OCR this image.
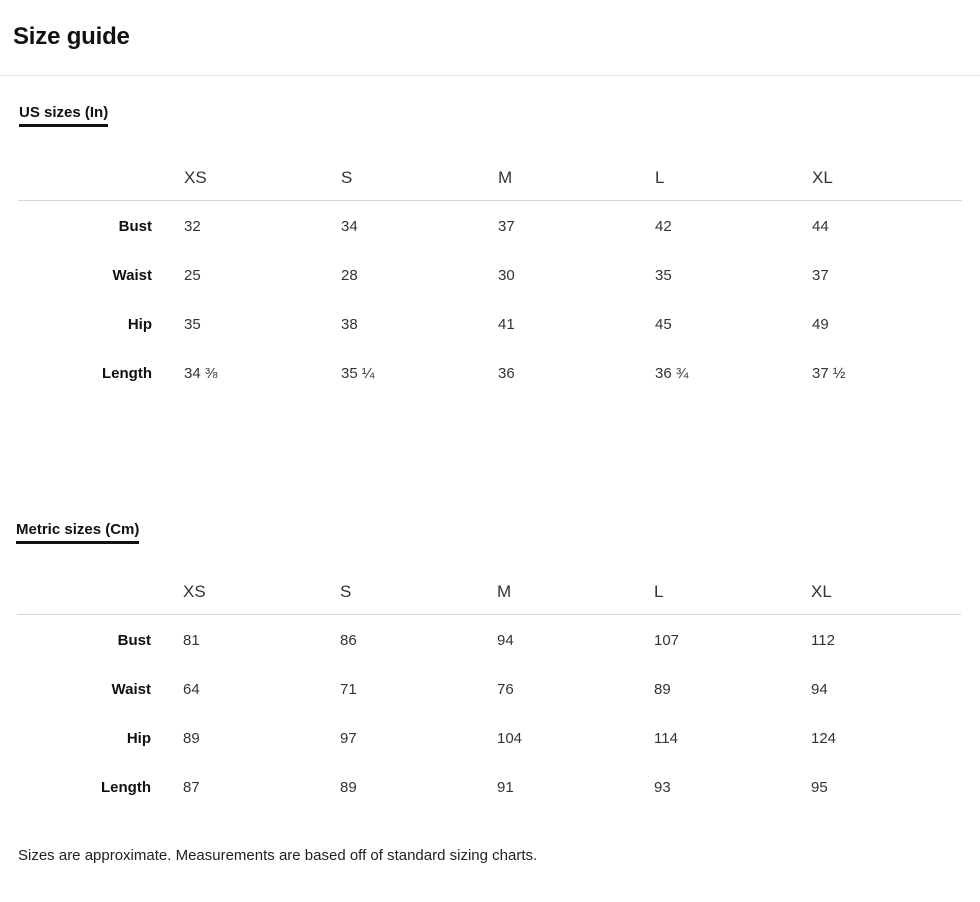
Size guide
US sizes (In)
XS	S	M	L	XL
Bust 32	34	37	42	44
Waist 25	28	30	35	37
Hip 35	38	41	45	49
Length 34 ⅜	35 ¼	36	36 ¾	37 ½
Metric sizes (Cm)
XS	S	M	L	XL
Bust 81	86	94	107	112
Waist 64	71	76	89	94
Hip 89	97	104	114	124
Length 87	89	91	93	95
Sizes are approximate. Measurements are based off of standard sizing charts.
